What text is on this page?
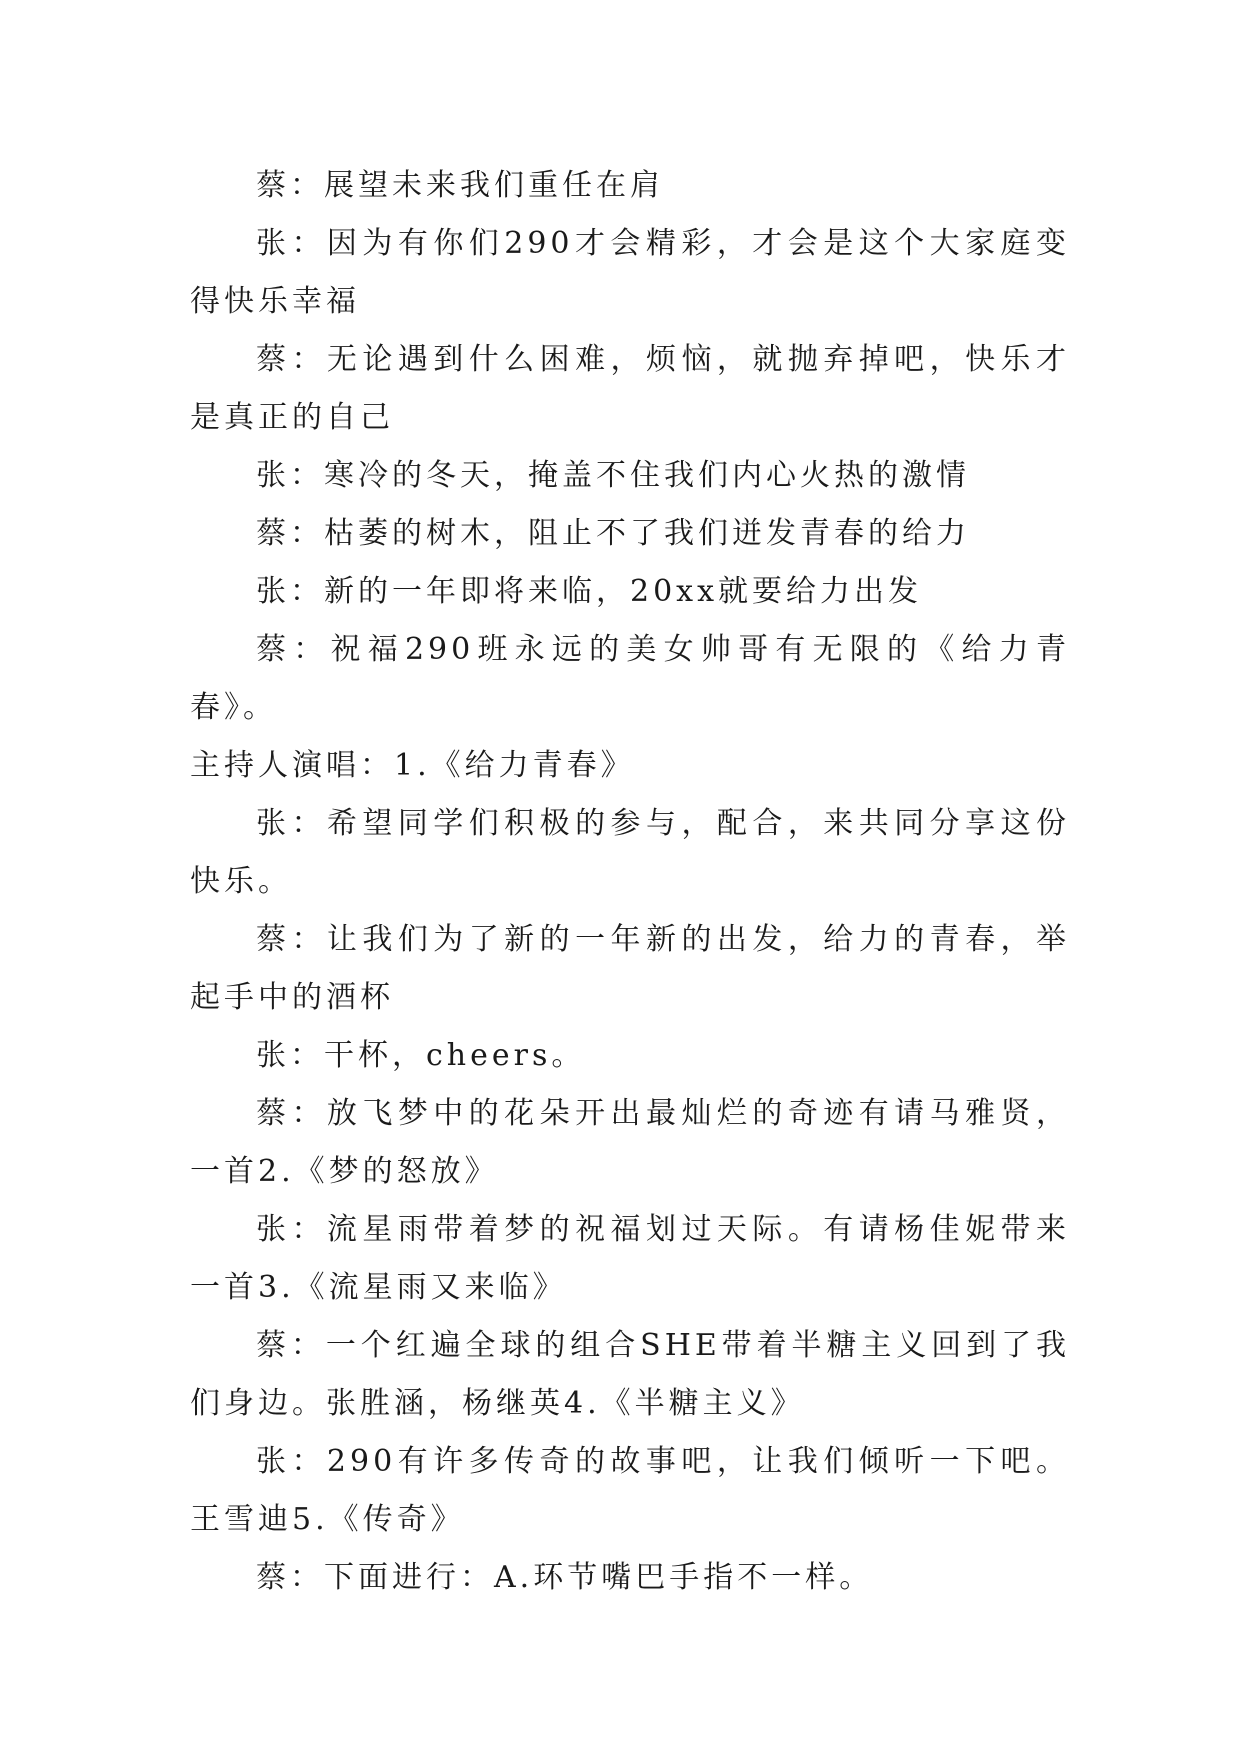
蔡：展望未来我们重任在肩

张：因为有你们290才会精彩，才会是这个大家庭变得快乐幸福

蔡：无论遇到什么困难，烦恼，就抛弃掉吧，快乐才是真正的自己

张：寒冷的冬天，掩盖不住我们内心火热的激情

蔡：枯萎的树木，阻止不了我们迸发青春的给力

张：新的一年即将来临，20xx就要给力出发

蔡：祝福290班永远的美女帅哥有无限的《给力青春》。

主持人演唱：1.《给力青春》

张：希望同学们积极的参与，配合，来共同分享这份快乐。

蔡：让我们为了新的一年新的出发，给力的青春，举起手中的酒杯

张：干杯，cheers。

蔡：放飞梦中的花朵开出最灿烂的奇迹有请马雅贤，一首2.《梦的怒放》

张：流星雨带着梦的祝福划过天际。有请杨佳妮带来一首3.《流星雨又来临》

蔡：一个红遍全球的组合SHE带着半糖主义回到了我们身边。张胜涵，杨继英4.《半糖主义》

张：290有许多传奇的故事吧，让我们倾听一下吧。王雪迪5.《传奇》

蔡：下面进行：A.环节嘴巴手指不一样。
